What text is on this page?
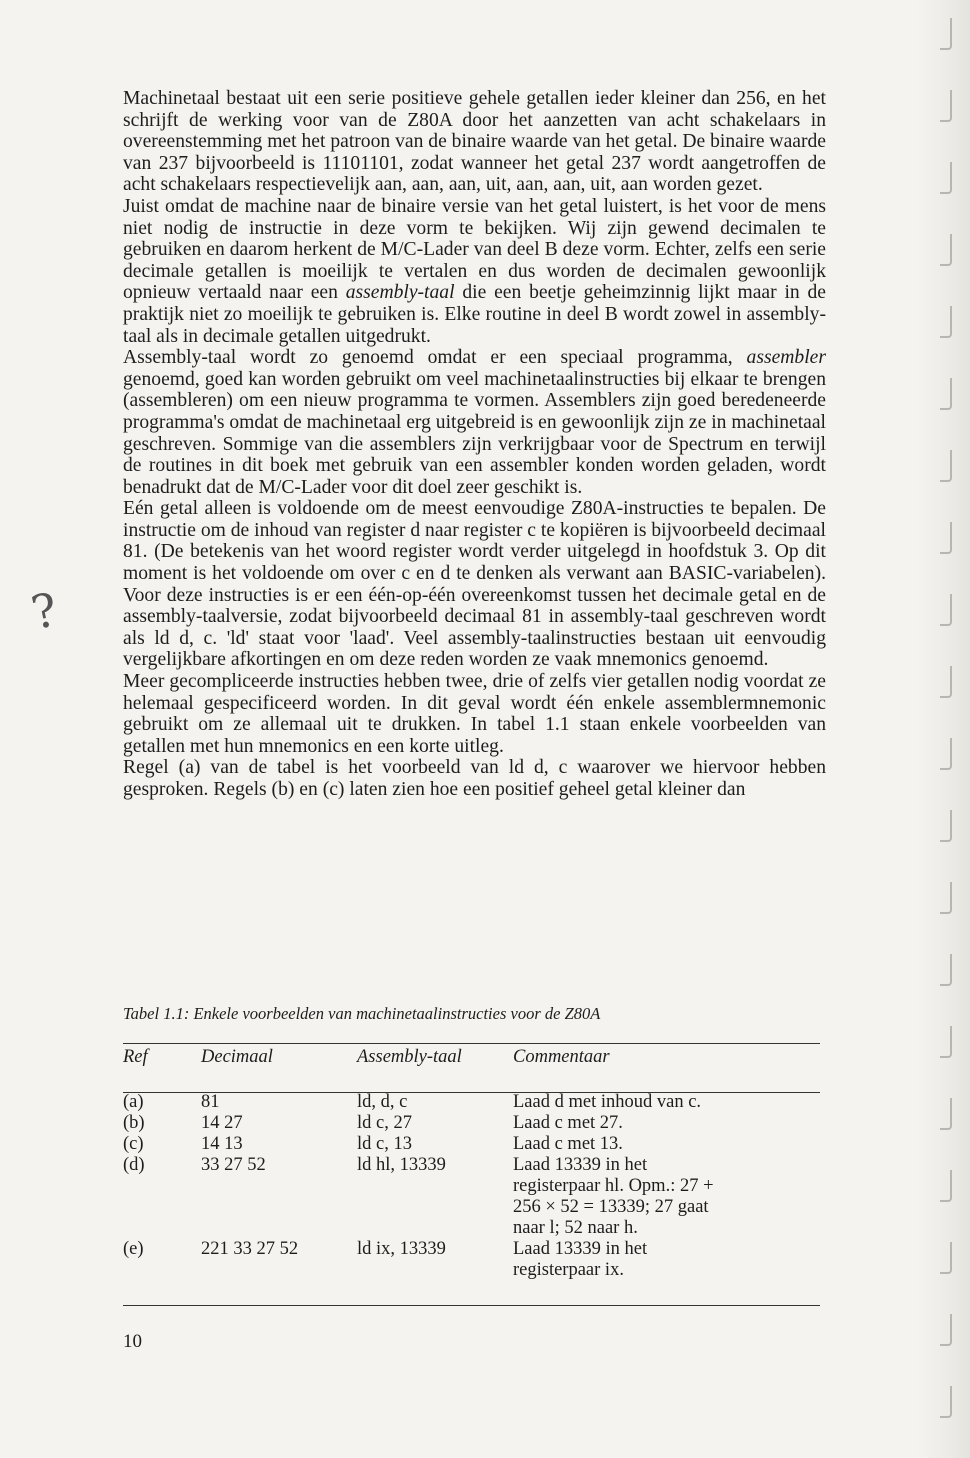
?

Machinetaal bestaat uit een serie positieve gehele getallen ieder kleiner dan 256, en het schrijft de werking voor van de Z80A door het aanzetten van acht schakelaars in overeenstemming met het patroon van de binaire waarde van het getal. De binaire waarde van 237 bijvoorbeeld is 11101101, zodat wanneer het getal 237 wordt aangetroffen de acht schakelaars respectievelijk aan, aan, aan, uit, aan, aan, uit, aan worden gezet.

Juist omdat de machine naar de binaire versie van het getal luistert, is het voor de mens niet nodig de instructie in deze vorm te bekijken. Wij zijn gewend decimalen te gebruiken en daarom herkent de M/C-Lader van deel B deze vorm. Echter, zelfs een serie decimale getallen is moeilijk te vertalen en dus worden de decimalen gewoonlijk opnieuw vertaald naar een assembly-taal die een beetje geheimzinnig lijkt maar in de praktijk niet zo moeilijk te gebruiken is. Elke routine in deel B wordt zowel in assembly-taal als in decimale getallen uitgedrukt.

Assembly-taal wordt zo genoemd omdat er een speciaal programma, assembler genoemd, goed kan worden gebruikt om veel machinetaalinstructies bij elkaar te brengen (assembleren) om een nieuw programma te vormen. Assemblers zijn goed beredeneerde programma's omdat de machinetaal erg uitgebreid is en gewoonlijk zijn ze in machinetaal geschreven. Sommige van die assemblers zijn verkrijgbaar voor de Spectrum en terwijl de routines in dit boek met gebruik van een assembler konden worden geladen, wordt benadrukt dat de M/C-Lader voor dit doel zeer geschikt is.

Eén getal alleen is voldoende om de meest eenvoudige Z80A-instructies te bepalen. De instructie om de inhoud van register d naar register c te kopiëren is bijvoorbeeld decimaal 81. (De betekenis van het woord register wordt verder uitgelegd in hoofdstuk 3. Op dit moment is het voldoende om over c en d te denken als verwant aan BASIC-variabelen). Voor deze instructies is er een één-op-één overeenkomst tussen het decimale getal en de assembly-taalversie, zodat bijvoorbeeld decimaal 81 in assembly-taal geschreven wordt als ld d, c. 'ld' staat voor 'laad'. Veel assembly-taalinstructies bestaan uit eenvoudig vergelijkbare afkortingen en om deze reden worden ze vaak mnemonics genoemd.

Meer gecompliceerde instructies hebben twee, drie of zelfs vier getallen nodig voordat ze helemaal gespecificeerd worden. In dit geval wordt één enkele assemblermnemonic gebruikt om ze allemaal uit te drukken. In tabel 1.1 staan enkele voorbeelden van getallen met hun mnemonics en een korte uitleg.

Regel (a) van de tabel is het voorbeeld van ld d, c waarover we hiervoor hebben gesproken. Regels (b) en (c) laten zien hoe een positief geheel getal kleiner dan

Tabel 1.1: Enkele voorbeelden van machinetaalinstructies voor de Z80A
Ref	Decimaal	Assembly-taal	Commentaar
(a)	81	ld, d, c	Laad d met inhoud van c.
(b)	14 27	ld c, 27	Laad c met 27.
(c)	14 13	ld c, 13	Laad c met 13.
(d)	33 27 52	ld hl, 13339	Laad 13339 in het registerpaar hl. Opm.: 27 + 256 × 52 = 13339; 27 gaat naar l; 52 naar h.
(e)	221 33 27 52	ld ix, 13339	Laad 13339 in het registerpaar ix.
10
